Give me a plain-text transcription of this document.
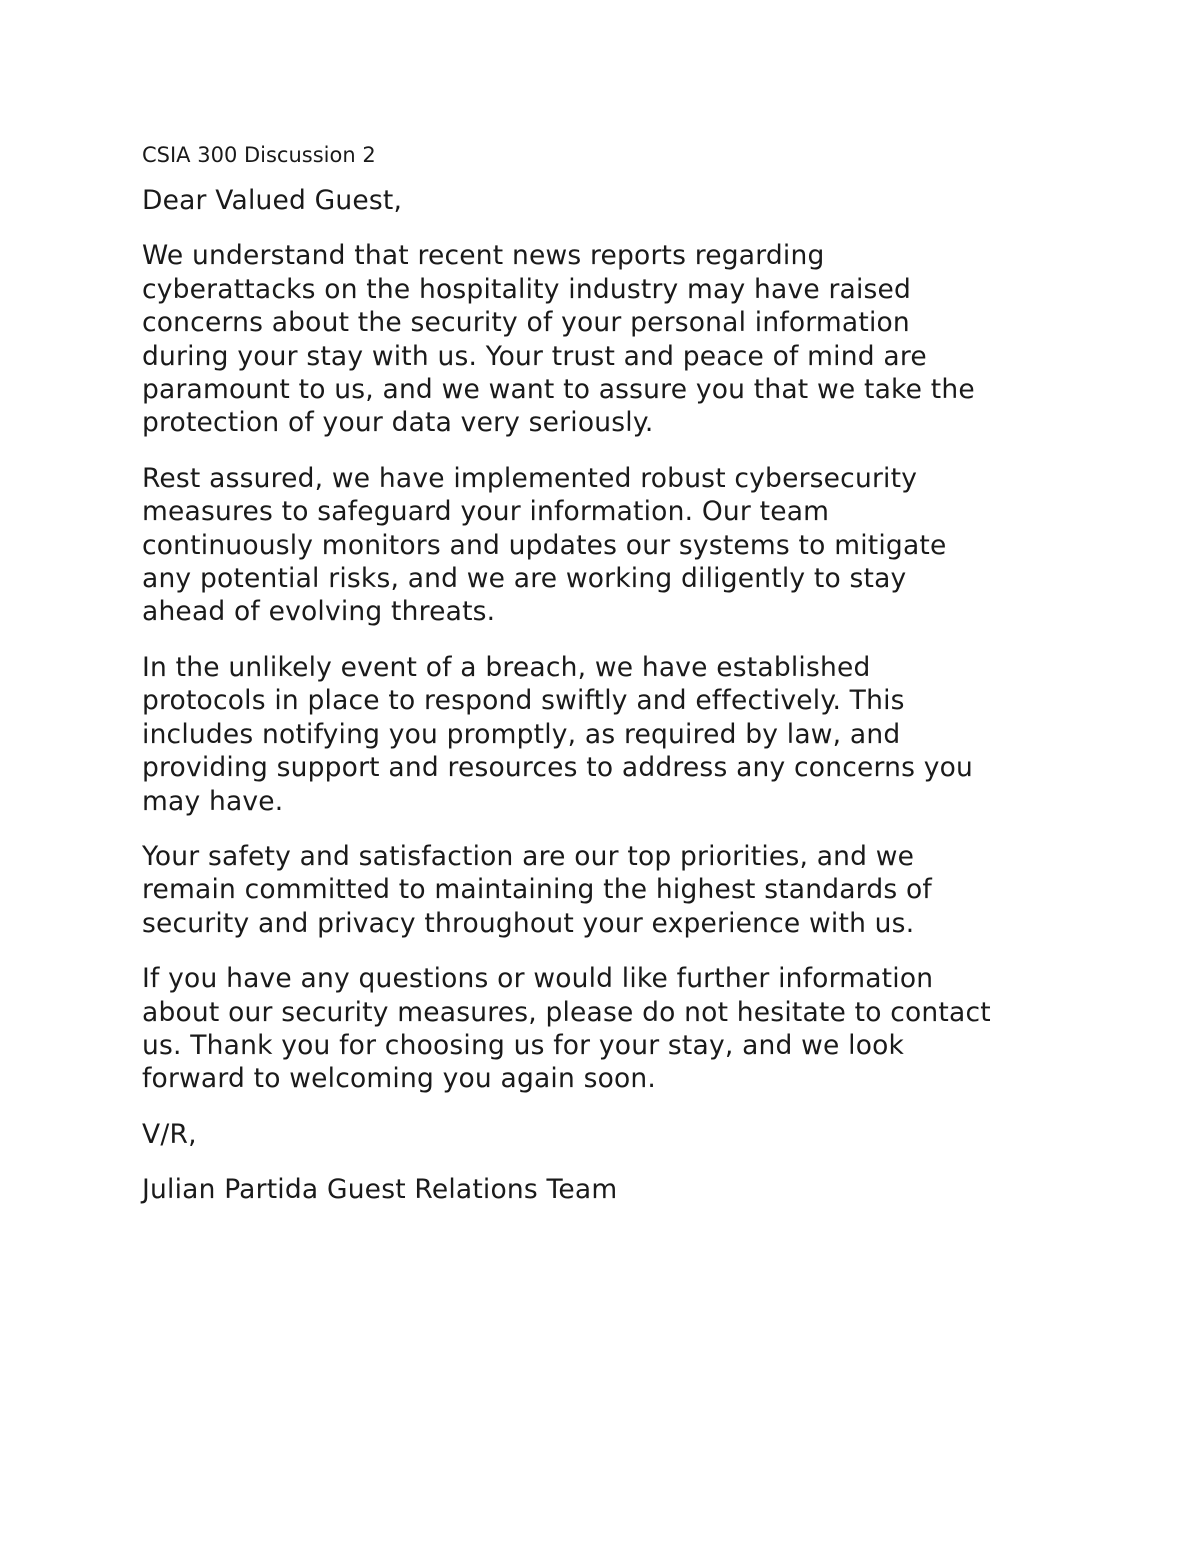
CSIA 300 Discussion 2

Dear Valued Guest,

We understand that recent news reports regarding
cyberattacks on the hospitality industry may have raised
concerns about the security of your personal information
during your stay with us. Your trust and peace of mind are
paramount to us, and we want to assure you that we take the
protection of your data very seriously.

Rest assured, we have implemented robust cybersecurity
measures to safeguard your information. Our team
continuously monitors and updates our systems to mitigate
any potential risks, and we are working diligently to stay
ahead of evolving threats.

In the unlikely event of a breach, we have established
protocols in place to respond swiftly and effectively. This
includes notifying you promptly, as required by law, and
providing support and resources to address any concerns you
may have.

Your safety and satisfaction are our top priorities, and we
remain committed to maintaining the highest standards of
security and privacy throughout your experience with us.

If you have any questions or would like further information
about our security measures, please do not hesitate to contact
us. Thank you for choosing us for your stay, and we look
forward to welcoming you again soon.

V/R,

Julian Partida Guest Relations Team
